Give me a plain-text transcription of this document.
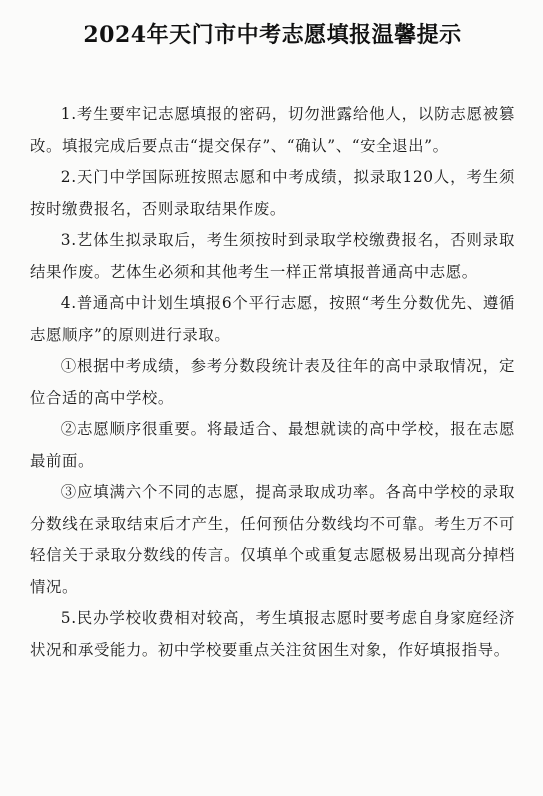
2024年天门市中考志愿填报温馨提示

1.考生要牢记志愿填报的密码，切勿泄露给他人，以防志愿被篡改。填报完成后要点击“提交保存”、“确认”、“安全退出”。

2.天门中学国际班按照志愿和中考成绩，拟录取120人，考生须按时缴费报名，否则录取结果作废。

3.艺体生拟录取后，考生须按时到录取学校缴费报名，否则录取结果作废。艺体生必须和其他考生一样正常填报普通高中志愿。

4.普通高中计划生填报6个平行志愿，按照“考生分数优先、遵循志愿顺序”的原则进行录取。

①根据中考成绩，参考分数段统计表及往年的高中录取情况，定位合适的高中学校。

②志愿顺序很重要。将最适合、最想就读的高中学校，报在志愿最前面。

③应填满六个不同的志愿，提高录取成功率。各高中学校的录取分数线在录取结束后才产生，任何预估分数线均不可靠。考生万不可轻信关于录取分数线的传言。仅填单个或重复志愿极易出现高分掉档情况。

5.民办学校收费相对较高，考生填报志愿时要考虑自身家庭经济状况和承受能力。初中学校要重点关注贫困生对象，作好填报指导。
